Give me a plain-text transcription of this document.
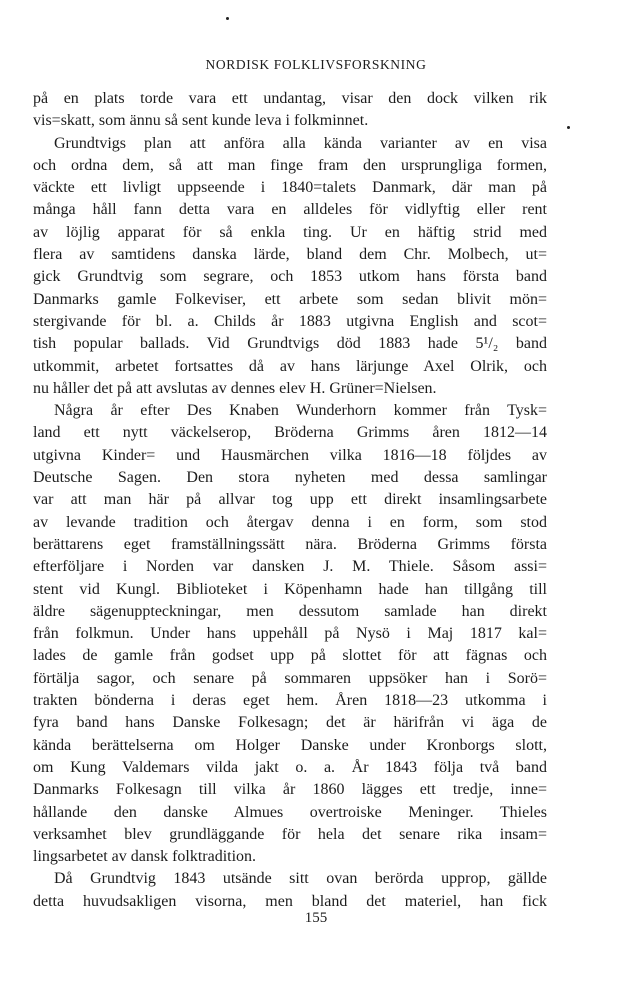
NORDISK FOLKLIVSFORSKNING
på en plats torde vara ett undantag, visar den dock vilken rik
vis=skatt, som ännu så sent kunde leva i folkminnet.
Grundtvigs plan att anföra alla kända varianter av en visa
och ordna dem, så att man finge fram den ursprungliga formen,
väckte ett livligt uppseende i 1840=talets Danmark, där man på
många håll fann detta vara en alldeles för vidlyftig eller rent
av löjlig apparat för så enkla ting. Ur en häftig strid med
flera av samtidens danska lärde, bland dem Chr. Molbech, ut=
gick Grundtvig som segrare, och 1853 utkom hans första band
Danmarks gamle Folkeviser, ett arbete som sedan blivit mön=
stergivande för bl. a. Childs år 1883 utgivna English and scot=
tish popular ballads. Vid Grundtvigs död 1883 hade 5¹/₂ band
utkommit, arbetet fortsattes då av hans lärjunge Axel Olrik, och
nu håller det på att avslutas av dennes elev H. Grüner=Nielsen.
Några år efter Des Knaben Wunderhorn kommer från Tysk=
land ett nytt väckelserop, Bröderna Grimms åren 1812—14
utgivna Kinder= und Hausmärchen vilka 1816—18 följdes av
Deutsche Sagen. Den stora nyheten med dessa samlingar
var att man här på allvar tog upp ett direkt insamlingsarbete
av levande tradition och återgav denna i en form, som stod
berättarens eget framställningssätt nära. Bröderna Grimms första
efterföljare i Norden var dansken J. M. Thiele. Såsom assi=
stent vid Kungl. Biblioteket i Köpenhamn hade han tillgång till
äldre sägenuppteckningar, men dessutom samlade han direkt
från folkmun. Under hans uppehåll på Nysö i Maj 1817 kal=
lades de gamle från godset upp på slottet för att fägnas och
förtälja sagor, och senare på sommaren uppsöker han i Sorö=
trakten bönderna i deras eget hem. Åren 1818—23 utkomma i
fyra band hans Danske Folkesagn; det är härifrån vi äga de
kända berättelserna om Holger Danske under Kronborgs slott,
om Kung Valdemars vilda jakt o. a. År 1843 följa två band
Danmarks Folkesagn till vilka år 1860 lägges ett tredje, inne=
hållande den danske Almues overtroiske Meninger. Thieles
verksamhet blev grundläggande för hela det senare rika insam=
lingsarbetet av dansk folktradition.
Då Grundtvig 1843 utsände sitt ovan berörda upprop, gällde
detta huvudsakligen visorna, men bland det materiel, han fick
155
